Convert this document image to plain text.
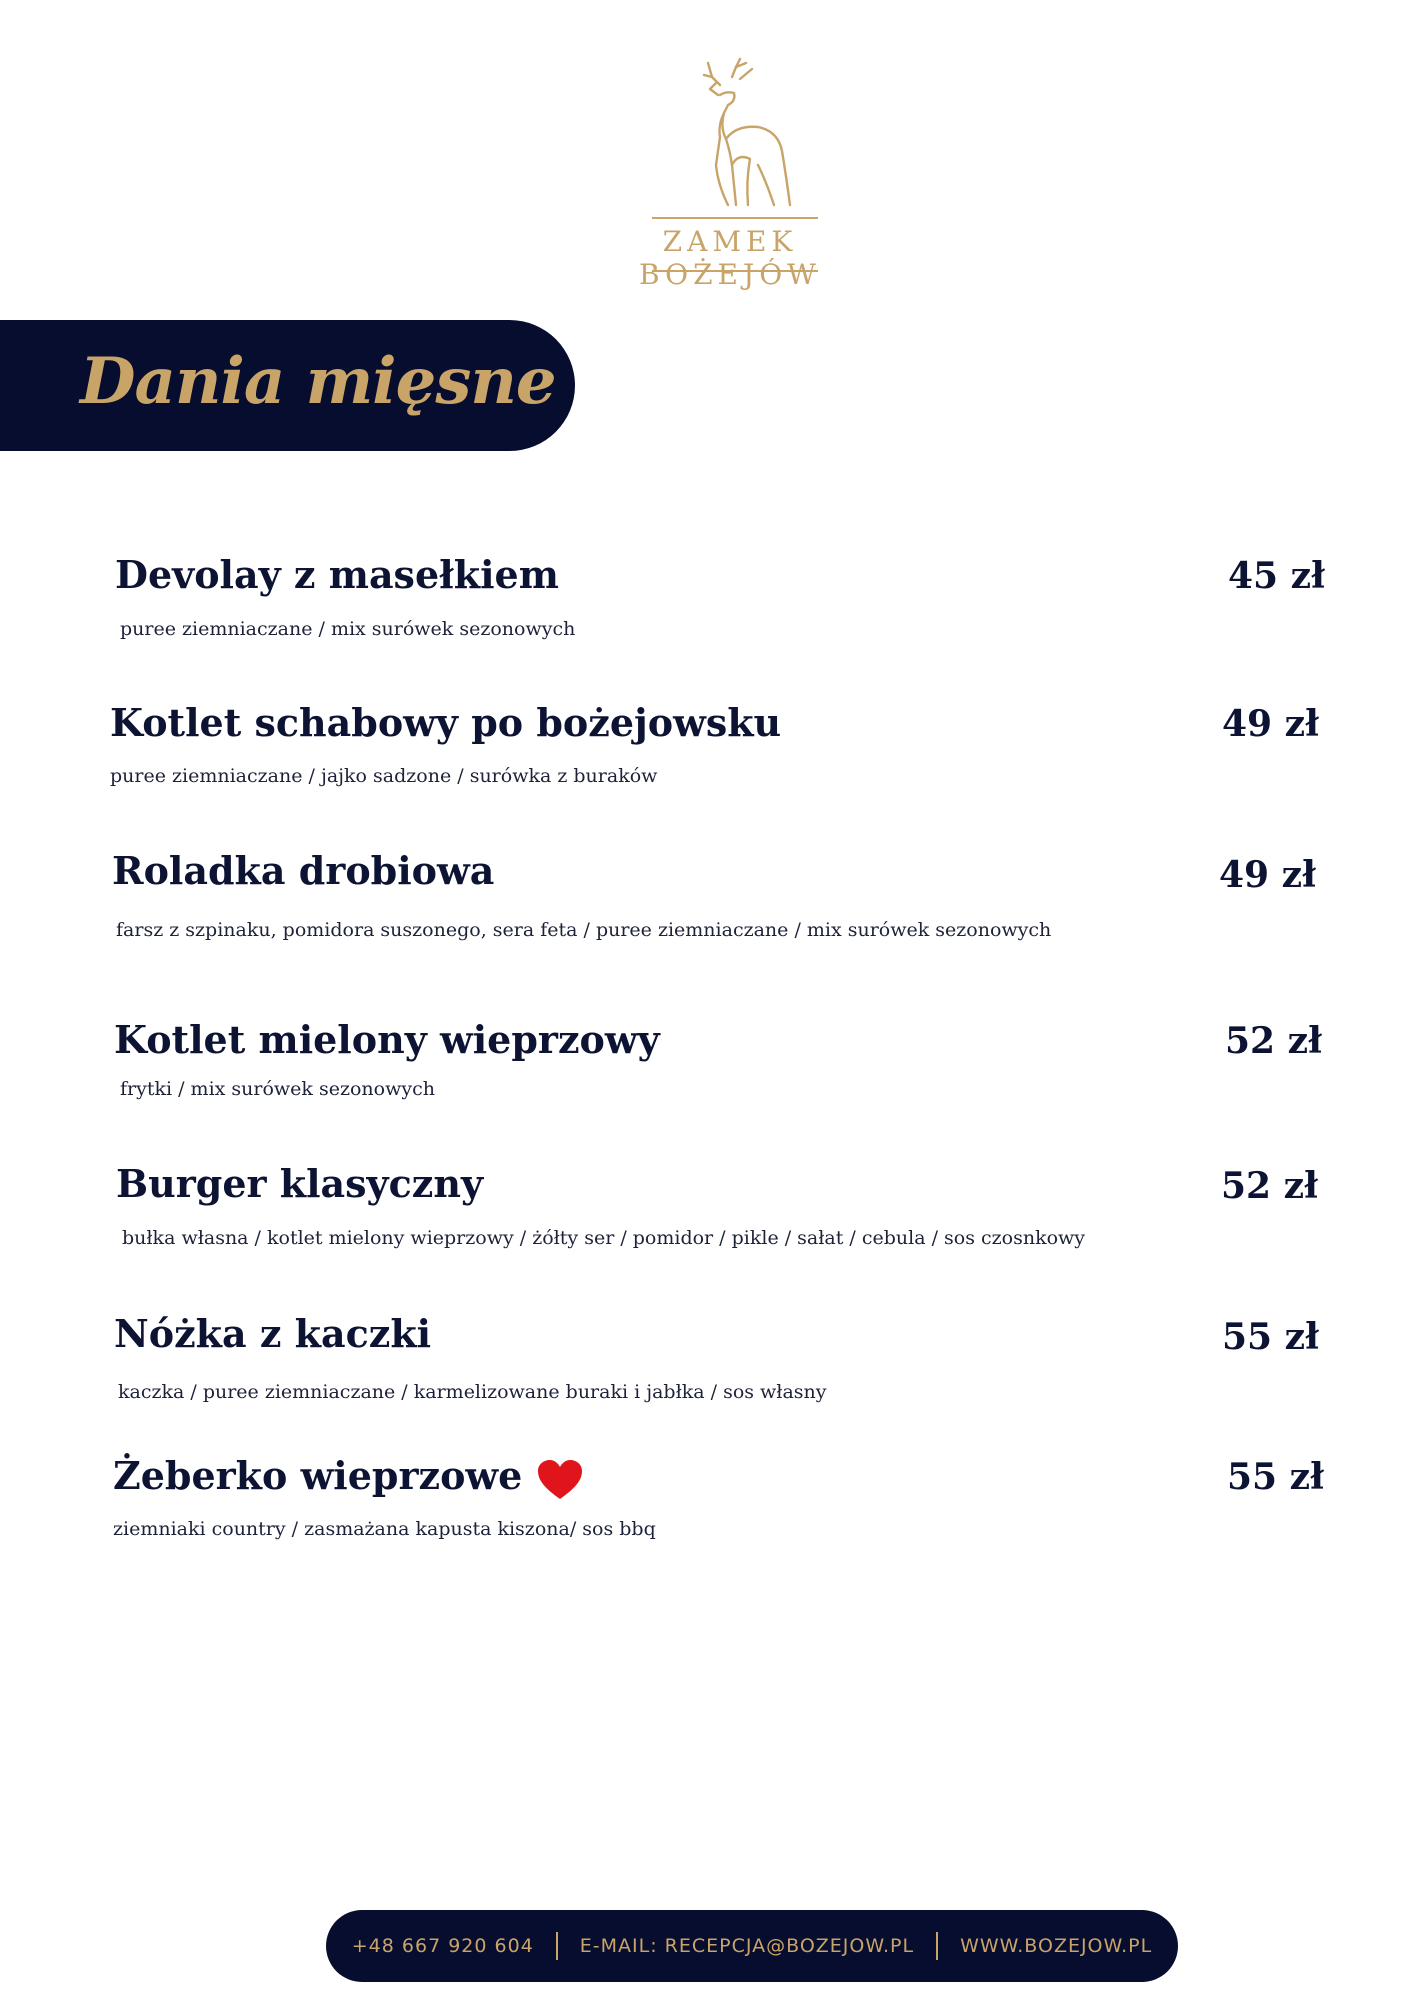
ZAMEK BOŻEJÓW
Dania mięsne
Devolay z masełkiem	45 zł
puree ziemniaczane / mix surówek sezonowych
Kotlet schabowy po bożejowsku	49 zł
puree ziemniaczane / jajko sadzone / surówka z buraków
Roladka drobiowa	49 zł
farsz z szpinaku, pomidora suszonego, sera feta / puree ziemniaczane / mix surówek sezonowych
Kotlet mielony wieprzowy	52 zł
frytki / mix surówek sezonowych
Burger klasyczny	52 zł
bułka własna / kotlet mielony wieprzowy / żółty ser / pomidor / pikle / sałat / cebula / sos czosnkowy
Nóżka z kaczki	55 zł
kaczka / puree ziemniaczane / karmelizowane buraki i jabłka / sos własny
Żeberko wieprzowe	55 zł
ziemniaki country / zasmażana kapusta kiszona/ sos bbq
+48 667 920 604 E-MAIL: RECEPCJA@BOZEJOW.PL WWW.BOZEJOW.PL
